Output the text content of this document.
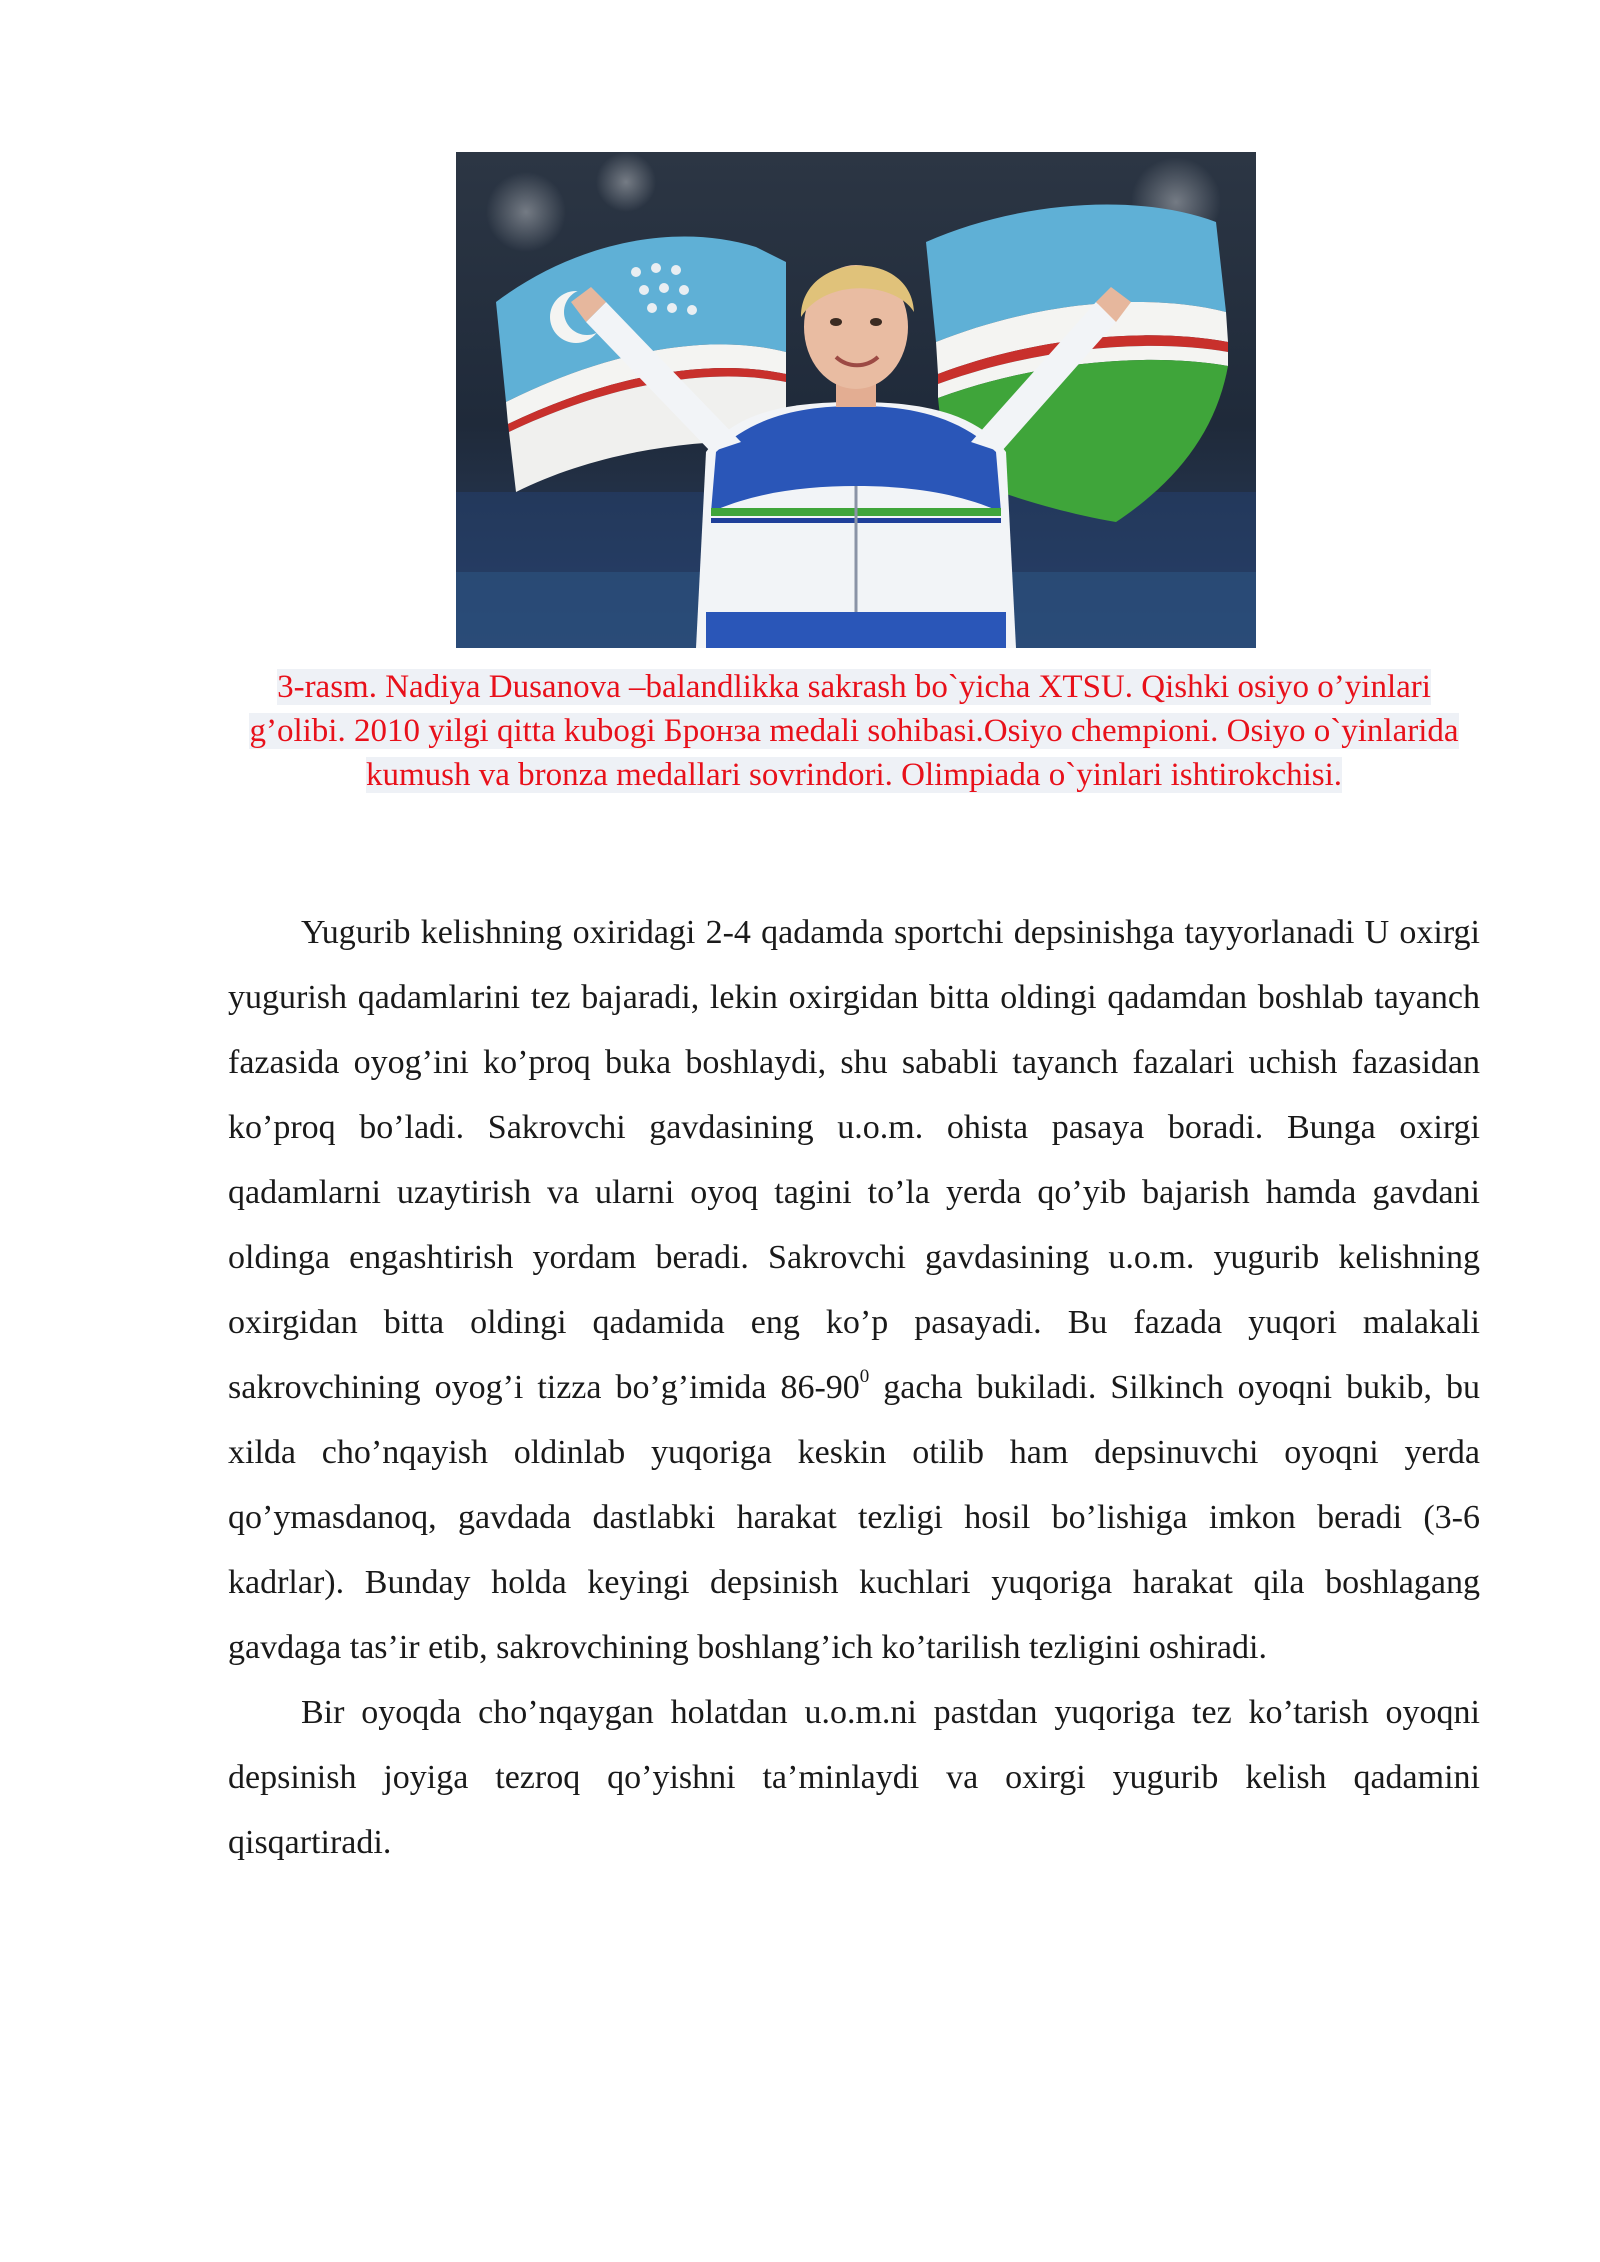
3-rasm. Nadiya Dusanova –balandlikka sakrash bo`yicha XTSU. Qishki osiyo o’yinlari g’olibi. 2010 yilgi qitta kubogi Бронза medali sohibasi.Osiyo chempioni. Osiyo o`yinlarida kumush va bronza medallari sovrindori. Olimpiada o`yinlari ishtirokchisi.

Yugurib kelishning oxiridagi 2-4 qadamda sportchi depsinishga tayyorlanadi U oxirgi yugurish qadamlarini tez bajaradi, lekin oxirgidan bitta oldingi qadamdan boshlab tayanch fazasida oyog’ini ko’proq buka boshlaydi, shu sababli tayanch fazalari uchish fazasidan ko’proq bo’ladi. Sakrovchi gavdasining u.o.m. ohista pasaya boradi. Bunga oxirgi qadamlarni uzaytirish va ularni oyoq tagini to’la yerda qo’yib bajarish hamda gavdani oldinga engashtirish yordam beradi. Sakrovchi gavdasining u.o.m. yugurib kelishning oxirgidan bitta oldingi qadamida eng ko’p pasayadi. Bu fazada yuqori malakali sakrovchining oyog’i tizza bo’g’imida $86-90^0$ gacha bukiladi. Silkinch oyoqni bukib, bu xilda cho’nqayish oldinlab yuqoriga keskin otilib ham depsinuvchi oyoqni yerda qo’ymasdanoq, gavdada dastlabki harakat tezligi hosil bo’lishiga imkon beradi (3-6 kadrlar). Bunday holda keyingi depsinish kuchlari yuqoriga harakat qila boshlagang gavdaga tas’ir etib, sakrovchining boshlang’ich ko’tarilish tezligini oshiradi.

Bir oyoqda cho’nqaygan holatdan u.o.m.ni pastdan yuqoriga tez ko’tarish oyoqni depsinish joyiga tezroq qo’yishni ta’minlaydi va oxirgi yugurib kelish qadamini qisqartiradi.
